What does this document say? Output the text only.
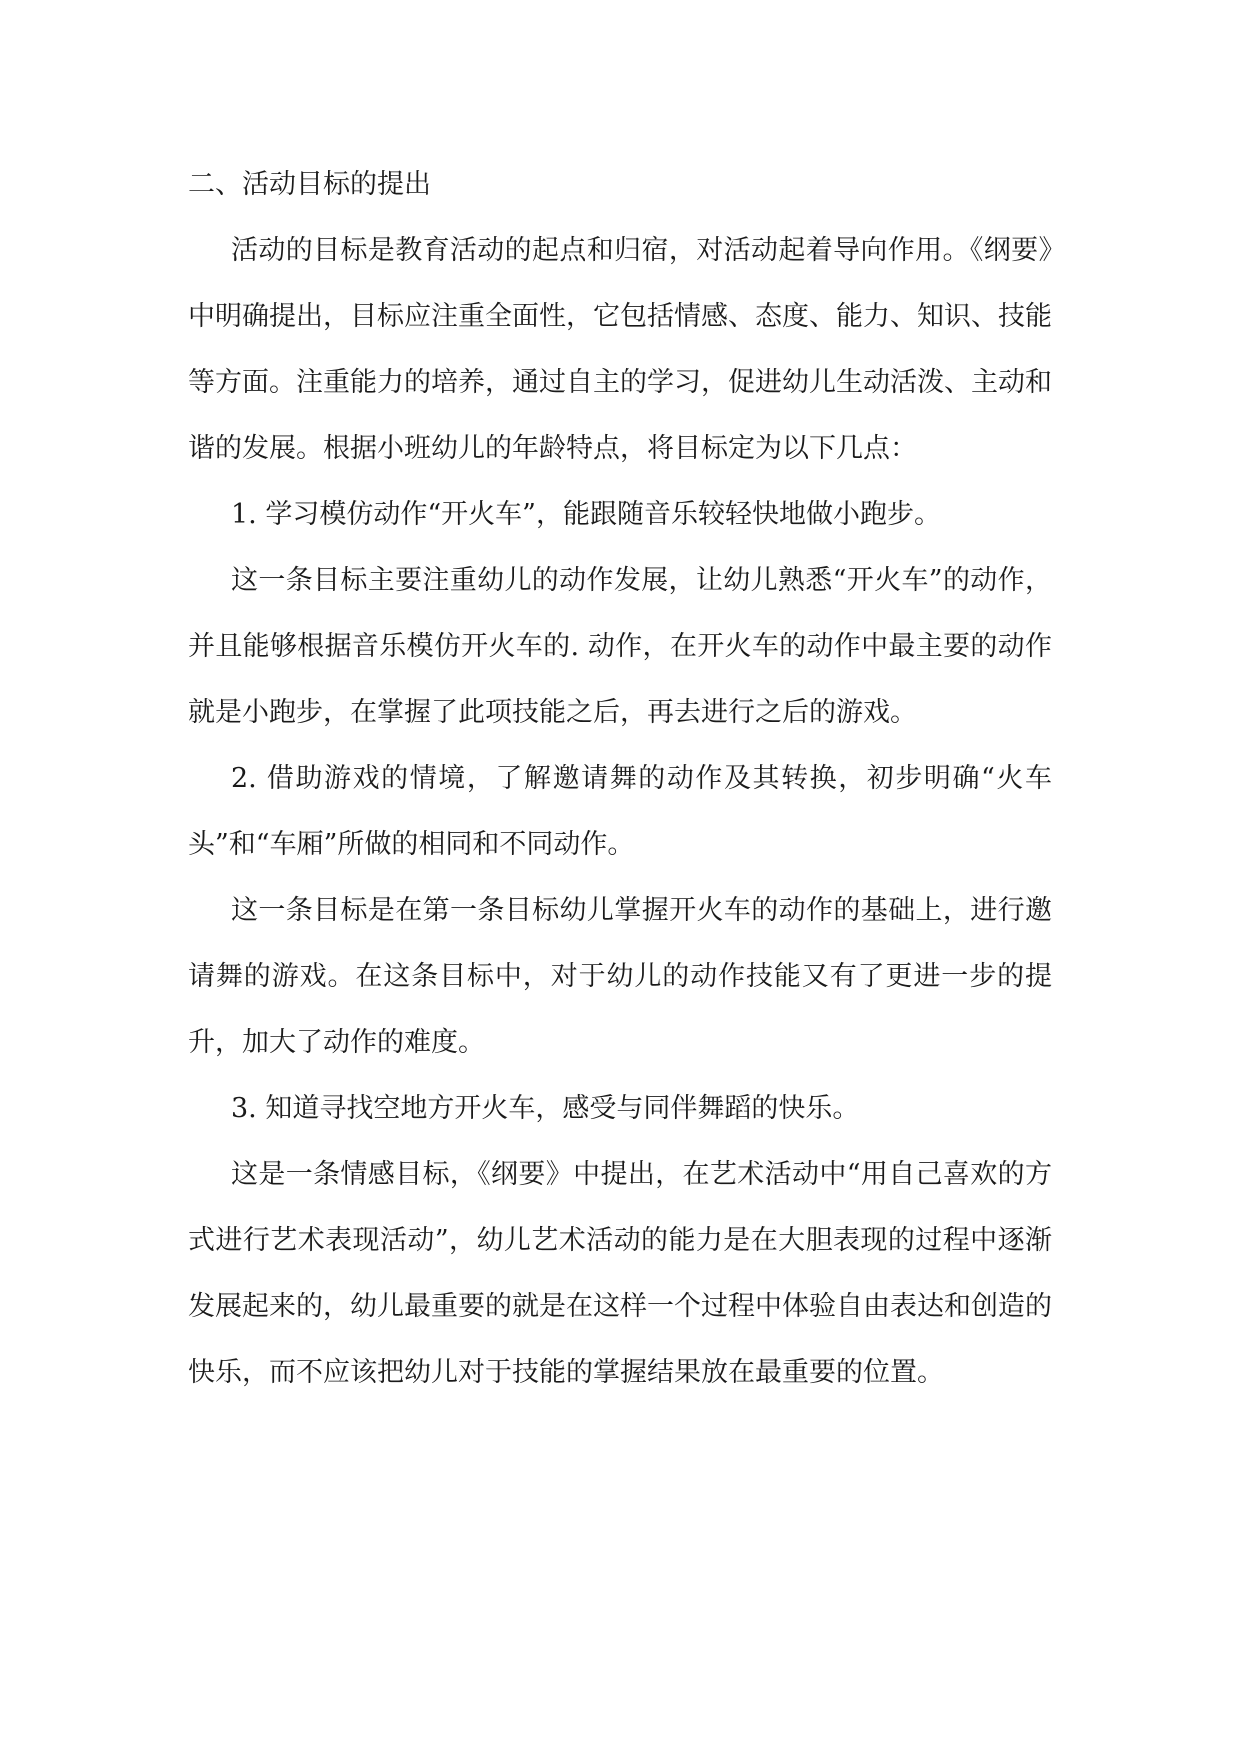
二、活动目标的提出

活动的目标是教育活动的起点和归宿，对活动起着导向作用。《纲要》中明确提出，目标应注重全面性，它包括情感、态度、能力、知识、技能等方面。注重能力的培养，通过自主的学习，促进幼儿生动活泼、主动和谐的发展。根据小班幼儿的年龄特点，将目标定为以下几点：

1. 学习模仿动作“开火车”，能跟随音乐较轻快地做小跑步。

这一条目标主要注重幼儿的动作发展，让幼儿熟悉“开火车”的动作，并且能够根据音乐模仿开火车的. 动作，在开火车的动作中最主要的动作就是小跑步，在掌握了此项技能之后，再去进行之后的游戏。

2. 借助游戏的情境，了解邀请舞的动作及其转换，初步明确“火车头”和“车厢”所做的相同和不同动作。

这一条目标是在第一条目标幼儿掌握开火车的动作的基础上，进行邀请舞的游戏。在这条目标中，对于幼儿的动作技能又有了更进一步的提升，加大了动作的难度。

3. 知道寻找空地方开火车，感受与同伴舞蹈的快乐。

这是一条情感目标，《纲要》中提出，在艺术活动中“用自己喜欢的方式进行艺术表现活动”，幼儿艺术活动的能力是在大胆表现的过程中逐渐发展起来的，幼儿最重要的就是在这样一个过程中体验自由表达和创造的快乐，而不应该把幼儿对于技能的掌握结果放在最重要的位置。
